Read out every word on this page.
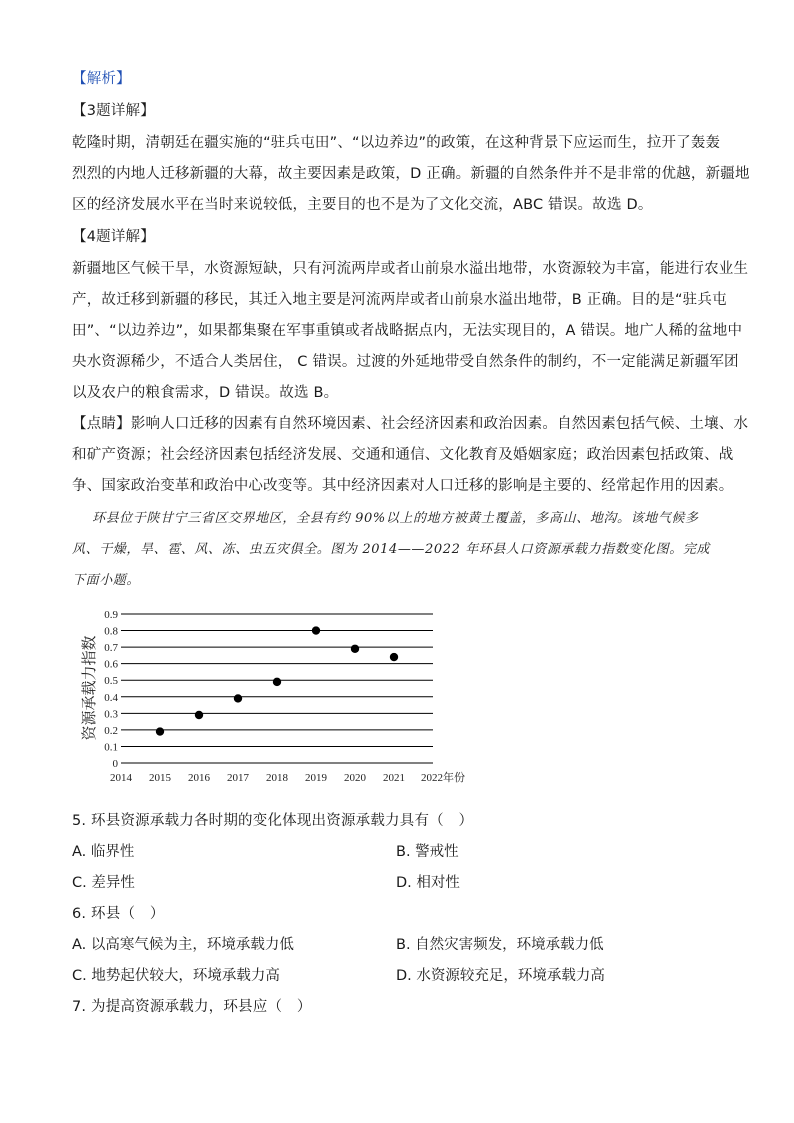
【解析】
【3题详解】
乾隆时期，清朝廷在疆实施的“驻兵屯田”、“以边养边”的政策，在这种背景下应运而生，拉开了轰轰
烈烈的内地人迁移新疆的大幕，故主要因素是政策，D 正确。新疆的自然条件并不是非常的优越，新疆地
区的经济发展水平在当时来说较低，主要目的也不是为了文化交流，ABC 错误。故选 D。
【4题详解】
新疆地区气候干旱，水资源短缺，只有河流两岸或者山前泉水溢出地带，水资源较为丰富，能进行农业生
产，故迁移到新疆的移民，其迁入地主要是河流两岸或者山前泉水溢出地带，B 正确。目的是“驻兵屯
田”、“以边养边”，如果都集聚在军事重镇或者战略据点内，无法实现目的，A 错误。地广人稀的盆地中
央水资源稀少，不适合人类居住， C 错误。过渡的外延地带受自然条件的制约，不一定能满足新疆军团
以及农户的粮食需求，D 错误。故选 B。
【点睛】影响人口迁移的因素有自然环境因素、社会经济因素和政治因素。自然因素包括气候、土壤、水
和矿产资源；社会经济因素包括经济发展、交通和通信、文化教育及婚姻家庭；政治因素包括政策、战
争、国家政治变革和政治中心改变等。其中经济因素对人口迁移的影响是主要的、经常起作用的因素。
环县位于陕甘宁三省区交界地区，全县有约 90%以上的地方被黄土覆盖，多高山、地沟。该地气候多
风、干燥，旱、雹、风、冻、虫五灾俱全。图为 2014——2022 年环县人口资源承载力指数变化图。完成
下面小题。
资源承载力指数
0
0.1
0.2
0.3
0.4
0.5
0.6
0.7
0.8
0.9
2014 2015 2016 2017 2018 2019 2020 2021 2022年份
5. 环县资源承载力各时期的变化体现出资源承载力具有（　）
A. 临界性	B. 警戒性
C. 差异性	D. 相对性
6. 环县（　）
A. 以高寒气候为主，环境承载力低	B. 自然灾害频发，环境承载力低
C. 地势起伏较大，环境承载力高	D. 水资源较充足，环境承载力高
7. 为提高资源承载力，环县应（　）
